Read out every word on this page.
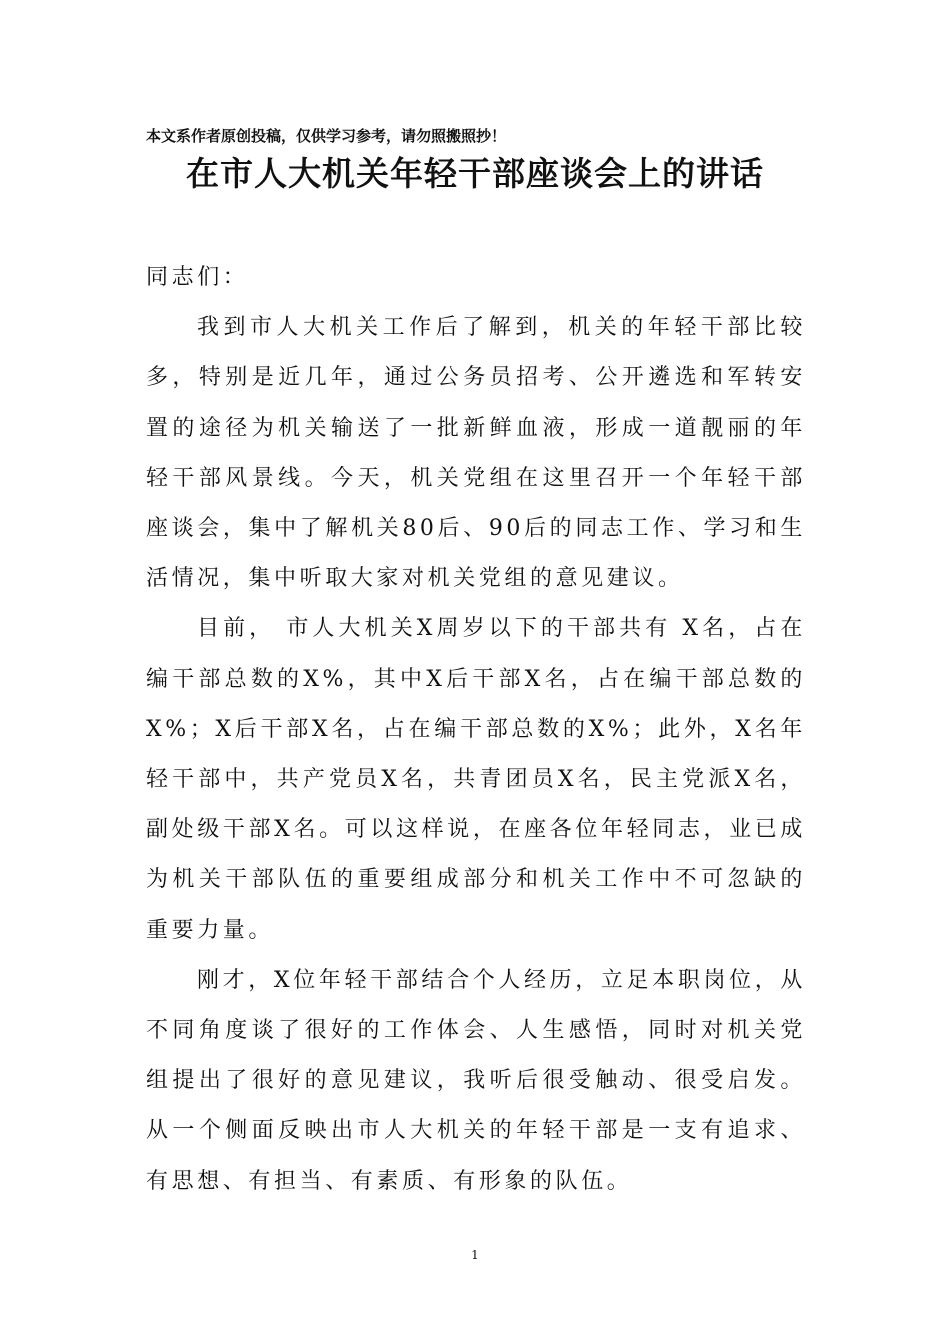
本文系作者原创投稿，仅供学习参考，请勿照搬照抄！
在市人大机关年轻干部座谈会上的讲话

同志们：

我到市人大机关工作后了解到，机关的年轻干部比较多，特别是近几年，通过公务员招考、公开遴选和军转安置的途径为机关输送了一批新鲜血液，形成一道靓丽的年轻干部风景线。今天，机关党组在这里召开一个年轻干部座谈会，集中了解机关80后、90后的同志工作、学习和生活情况，集中听取大家对机关党组的意见建议。

目前， 市人大机关X周岁以下的干部共有 X名，占在编干部总数的X%，其中X后干部X名，占在编干部总数的X%；X后干部X名，占在编干部总数的X%；此外，X名年轻干部中，共产党员X名，共青团员X名，民主党派X名，副处级干部X名。可以这样说，在座各位年轻同志，业已成为机关干部队伍的重要组成部分和机关工作中不可忽缺的重要力量。

刚才，X位年轻干部结合个人经历，立足本职岗位，从不同角度谈了很好的工作体会、人生感悟，同时对机关党组提出了很好的意见建议，我听后很受触动、很受启发。从一个侧面反映出市人大机关的年轻干部是一支有追求、有思想、有担当、有素质、有形象的队伍。

1
